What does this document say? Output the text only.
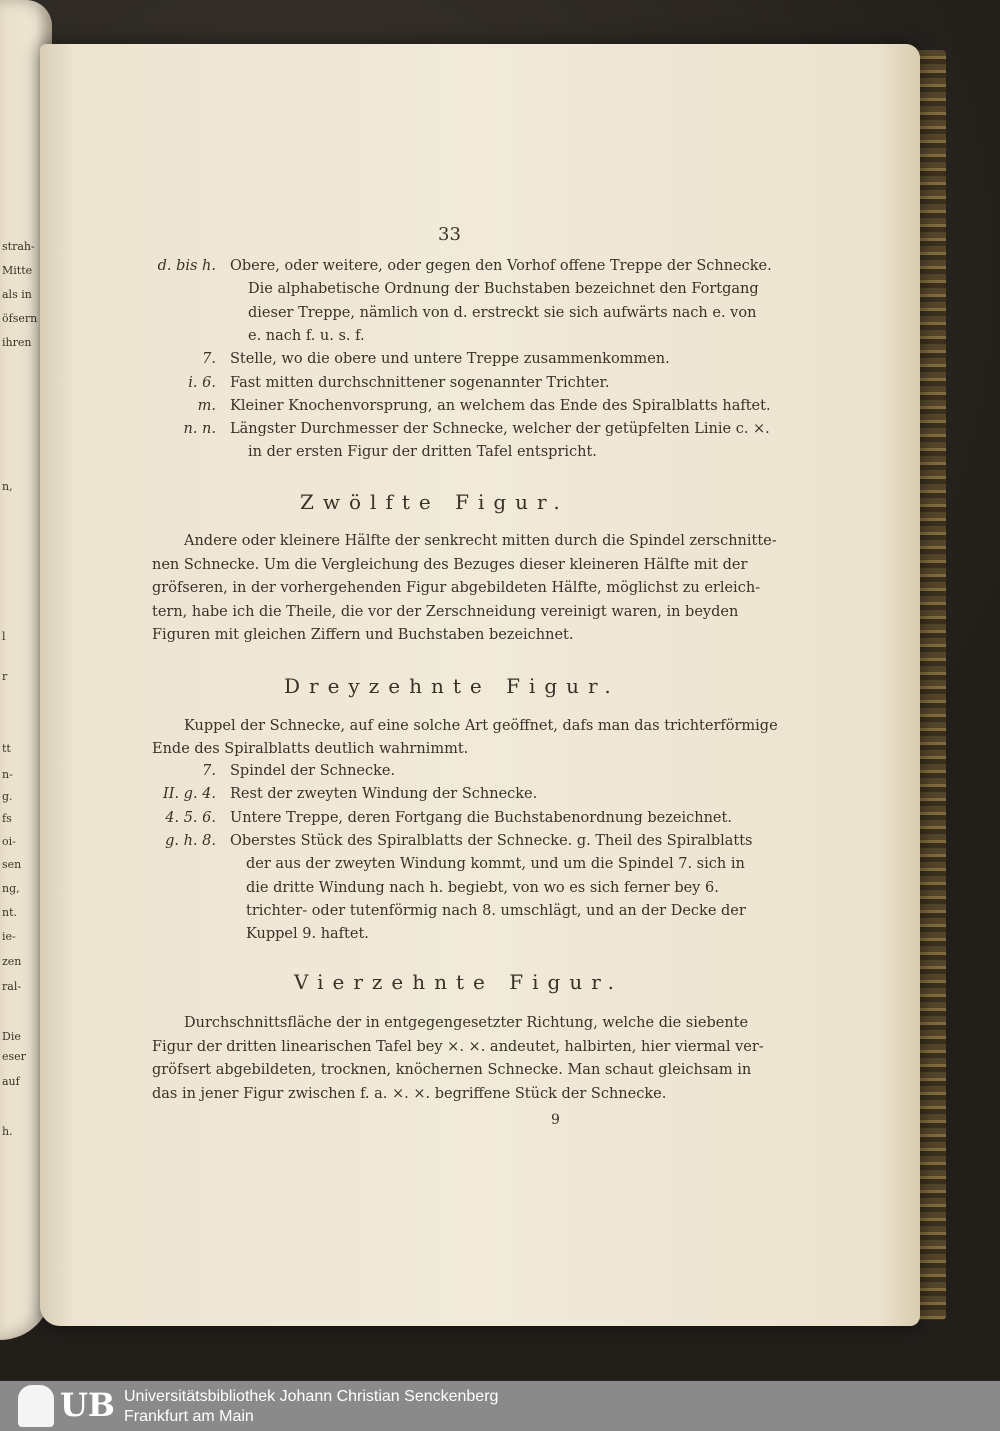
strah-
Mitte
als in
öfsern
ihren
n,
l
r
tt
n-
g.
fs
oi-
sen
ng,
nt.
ie-
zen
ral-
Die
eser
auf
h.
33
d. bis h. Obere, oder weitere, oder gegen den Vorhof offene Treppe der Schnecke.
Die alphabetische Ordnung der Buchstaben bezeichnet den Fortgang
dieser Treppe, nämlich von d. erstreckt sie sich aufwärts nach e. von
e. nach f. u. s. f.
7. Stelle, wo die obere und untere Treppe zusammenkommen.
i. 6. Fast mitten durchschnittener sogenannter Trichter.
m. Kleiner Knochenvorsprung, an welchem das Ende des Spiralblatts haftet.
n. n. Längster Durchmesser der Schnecke, welcher der getüpfelten Linie c. ×.
in der ersten Figur der dritten Tafel entspricht.
Zwölfte Figur.
Andere oder kleinere Hälfte der senkrecht mitten durch die Spindel zerschnitte-
nen Schnecke. Um die Vergleichung des Bezuges dieser kleineren Hälfte mit der
gröfseren, in der vorhergehenden Figur abgebildeten Hälfte, möglichst zu erleich-
tern, habe ich die Theile, die vor der Zerschneidung vereinigt waren, in beyden
Figuren mit gleichen Ziffern und Buchstaben bezeichnet.
Dreyzehnte Figur.
Kuppel der Schnecke, auf eine solche Art geöffnet, dafs man das trichterförmige
Ende des Spiralblatts deutlich wahrnimmt.
7. Spindel der Schnecke.
II. g. 4. Rest der zweyten Windung der Schnecke.
4. 5. 6. Untere Treppe, deren Fortgang die Buchstabenordnung bezeichnet.
g. h. 8. Oberstes Stück des Spiralblatts der Schnecke. g. Theil des Spiralblatts
der aus der zweyten Windung kommt, und um die Spindel 7. sich in
die dritte Windung nach h. begiebt, von wo es sich ferner bey 6.
trichter- oder tutenförmig nach 8. umschlägt, und an der Decke der
Kuppel 9. haftet.
Vierzehnte Figur.
Durchschnittsfläche der in entgegengesetzter Richtung, welche die siebente
Figur der dritten linearischen Tafel bey ×. ×. andeutet, halbirten, hier viermal ver-
gröfsert abgebildeten, trocknen, knöchernen Schnecke. Man schaut gleichsam in
das in jener Figur zwischen f. a. ×. ×. begriffene Stück der Schnecke.
9
UB Universitätsbibliothek Johann Christian Senckenberg
Frankfurt am Main
